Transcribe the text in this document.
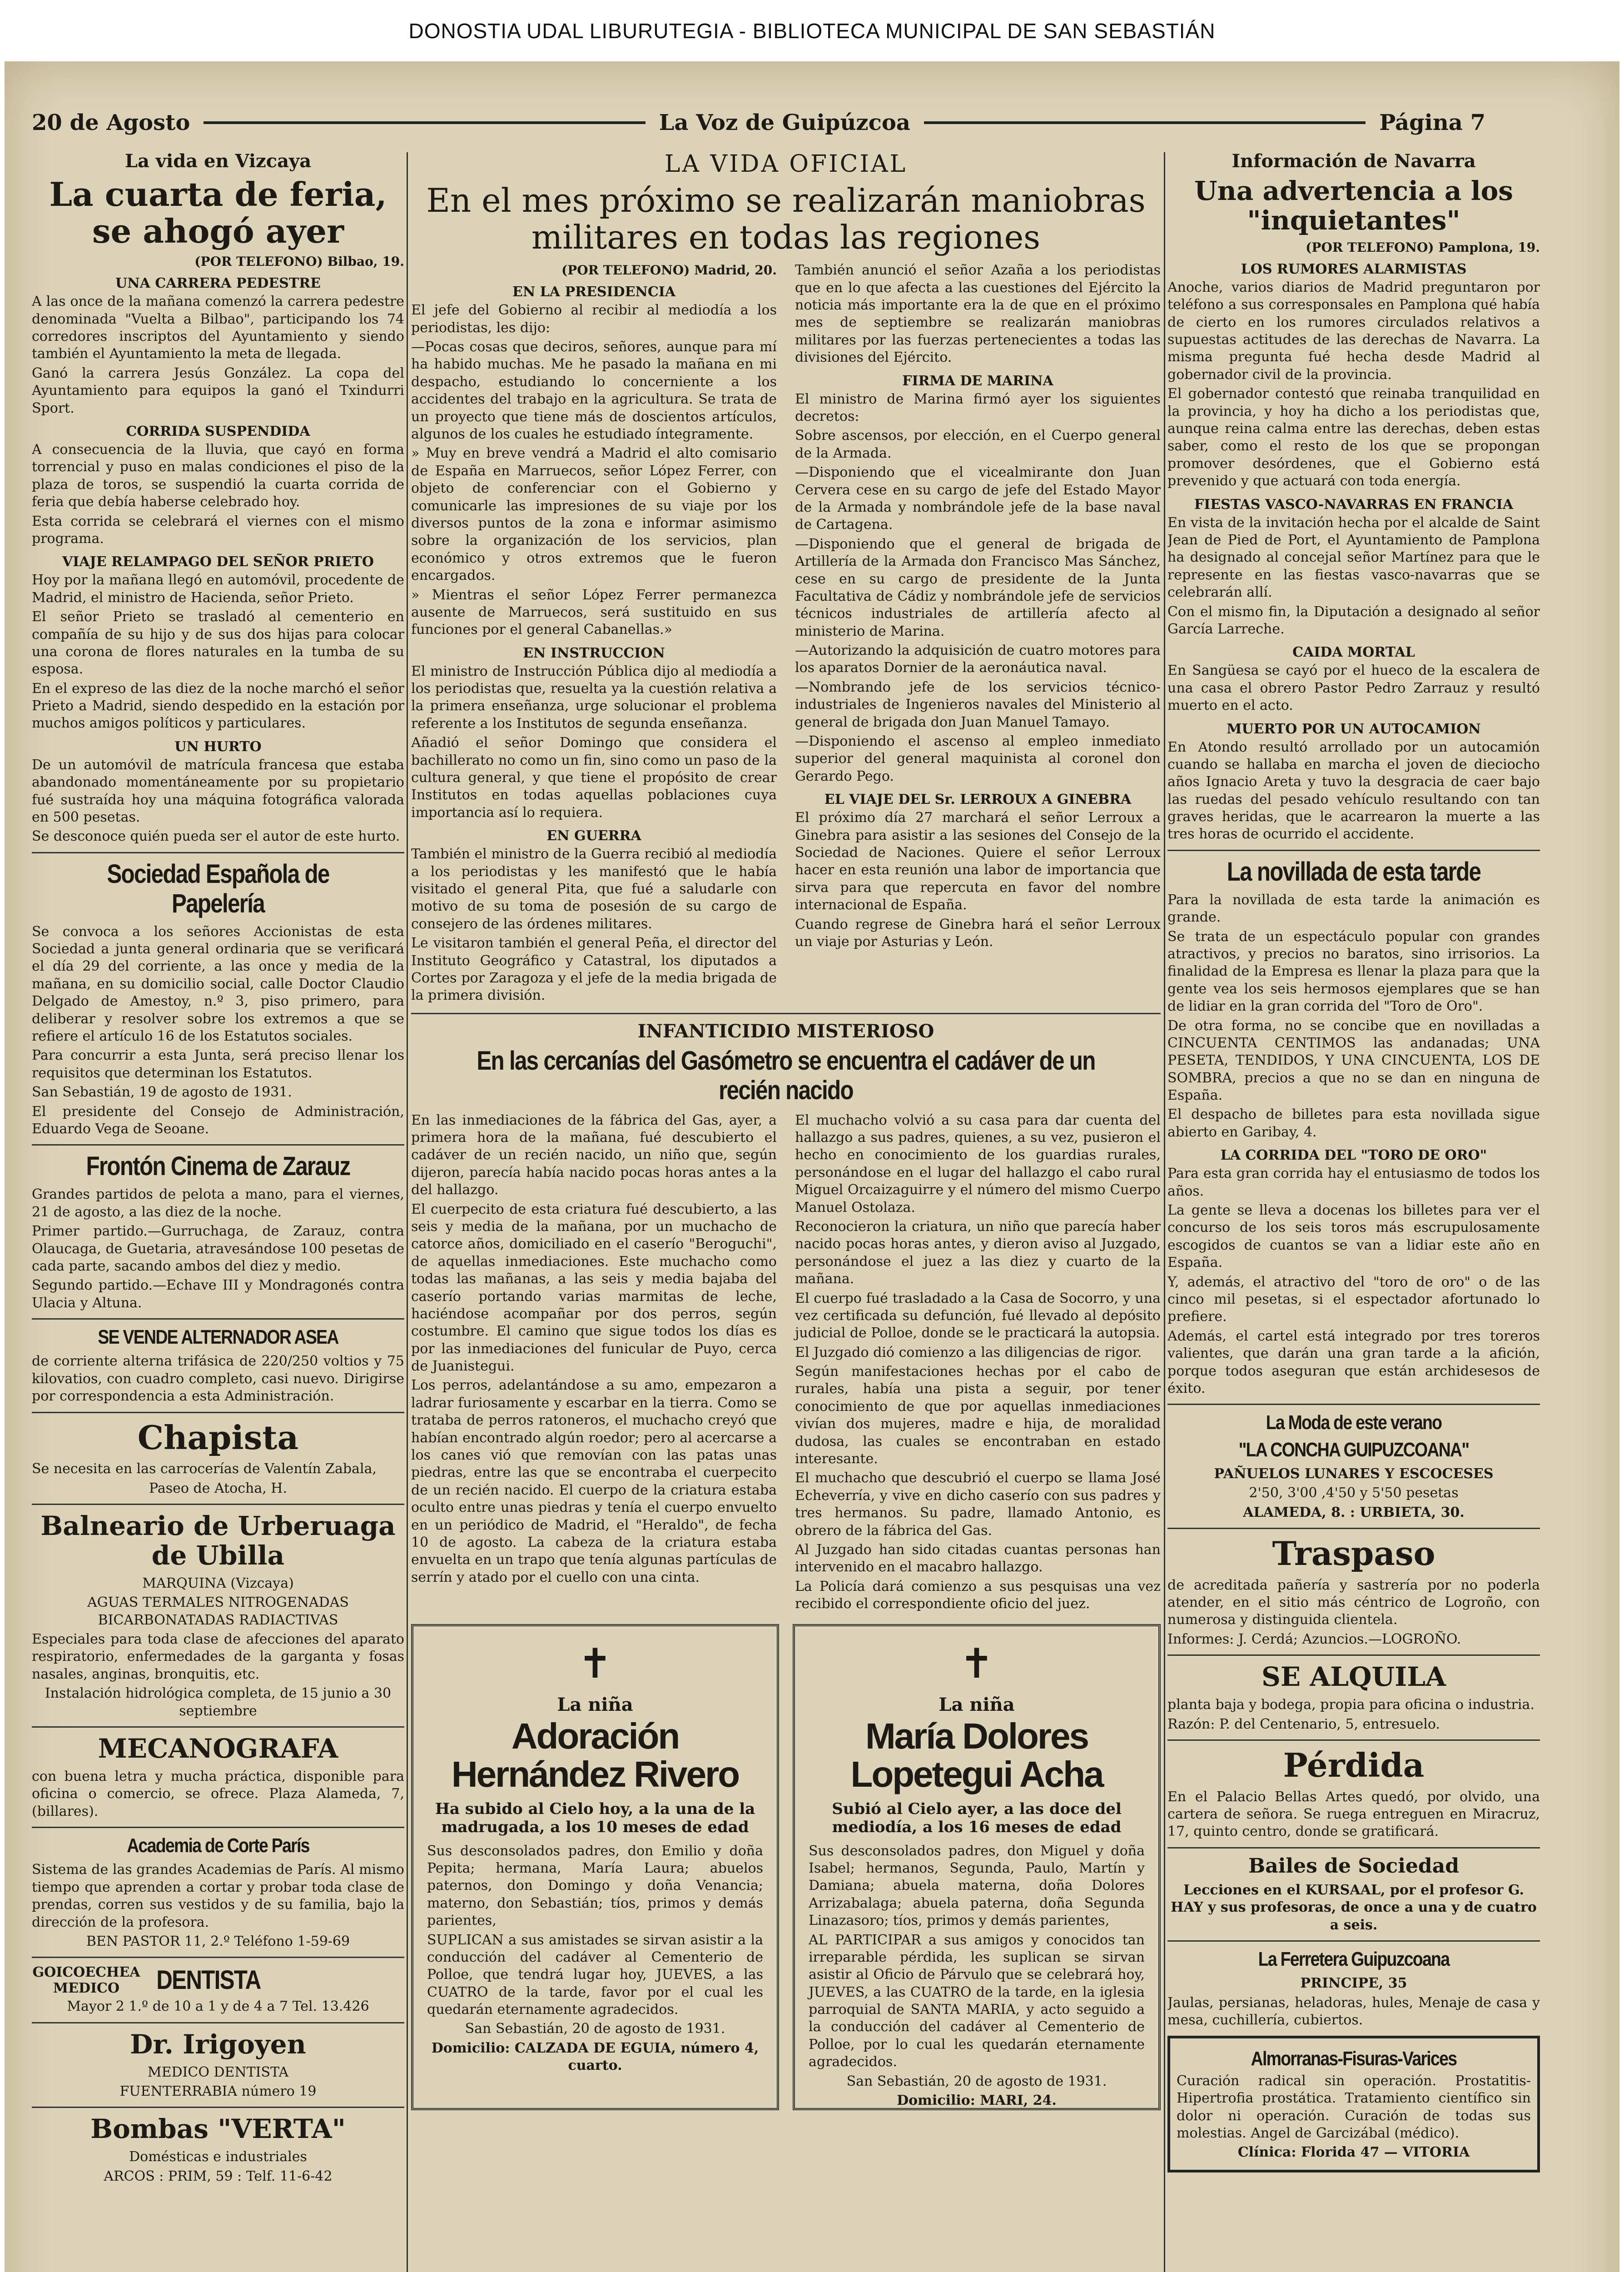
DONOSTIA UDAL LIBURUTEGIA - BIBLIOTECA MUNICIPAL DE SAN SEBASTIÁN
20 de Agosto	La Voz de Guipúzcoa	Página 7
La vida en Vizcaya
La cuarta de feria, se ahogó ayer
(POR TELEFONO) Bilbao, 19.
UNA CARRERA PEDESTRE

A las once de la mañana comenzó la carrera pedestre denominada "Vuelta a Bilbao", participando los 74 corredores inscriptos del Ayuntamiento y siendo también el Ayuntamiento la meta de llegada.

Ganó la carrera Jesús González. La copa del Ayuntamiento para equipos la ganó el Txindurri Sport.

CORRIDA SUSPENDIDA

A consecuencia de la lluvia, que cayó en forma torrencial y puso en malas condiciones el piso de la plaza de toros, se suspendió la cuarta corrida de feria que debía haberse celebrado hoy.

Esta corrida se celebrará el viernes con el mismo programa.

VIAJE RELAMPAGO DEL SEÑOR PRIETO

Hoy por la mañana llegó en automóvil, procedente de Madrid, el ministro de Hacienda, señor Prieto.

El señor Prieto se trasladó al cementerio en compañía de su hijo y de sus dos hijas para colocar una corona de flores naturales en la tumba de su esposa.

En el expreso de las diez de la noche marchó el señor Prieto a Madrid, siendo despedido en la estación por muchos amigos políticos y particulares.

UN HURTO

De un automóvil de matrícula francesa que estaba abandonado momentáneamente por su propietario fué sustraída hoy una máquina fotográfica valorada en 500 pesetas.

Se desconoce quién pueda ser el autor de este hurto.

Sociedad Española de Papelería

Se convoca a los señores Accionistas de esta Sociedad a junta general ordinaria que se verificará el día 29 del corriente, a las once y media de la mañana, en su domicilio social, calle Doctor Claudio Delgado de Amestoy, n.º 3, piso primero, para deliberar y resolver sobre los extremos a que se refiere el artículo 16 de los Estatutos sociales.

Para concurrir a esta Junta, será preciso llenar los requisitos que determinan los Estatutos.

San Sebastián, 19 de agosto de 1931.

El presidente del Consejo de Administración, Eduardo Vega de Seoane.

Frontón Cinema de Zarauz

Grandes partidos de pelota a mano, para el viernes, 21 de agosto, a las diez de la noche.

Primer partido.—Gurruchaga, de Zarauz, contra Olaucaga, de Guetaria, atravesándose 100 pesetas de cada parte, sacando ambos del diez y medio.

Segundo partido.—Echave III y Mondragonés contra Ulacia y Altuna.

SE VENDE ALTERNADOR ASEA

de corriente alterna trifásica de 220/250 voltios y 75 kilovatios, con cuadro completo, casi nuevo. Dirigirse por correspondencia a esta Administración.

Chapista

Se necesita en las carrocerías de Valentín Zabala,

Paseo de Atocha, H.

Balneario de Urberuaga de Ubilla

MARQUINA (Vizcaya)

AGUAS TERMALES NITROGENADAS BICARBONATADAS RADIACTIVAS

Especiales para toda clase de afecciones del aparato respiratorio, enfermedades de la garganta y fosas nasales, anginas, bronquitis, etc.

Instalación hidrológica completa, de 15 junio a 30 septiembre

MECANOGRAFA

con buena letra y mucha práctica, disponible para oficina o comercio, se ofrece. Plaza Alameda, 7, (billares).

Academia de Corte París

Sistema de las grandes Academias de París. Al mismo tiempo que aprenden a cortar y probar toda clase de prendas, corren sus vestidos y de su familia, bajo la dirección de la profesora.

BEN PASTOR 11, 2.º Teléfono 1-59-69

GOICOECHEA MEDICO	DENTISTA

Mayor 2 1.º de 10 a 1 y de 4 a 7 Tel. 13.426

Dr. Irigoyen

MEDICO DENTISTA

FUENTERRABIA número 19

Bombas "VERTA"

Domésticas e industriales

ARCOS : PRIM, 59 : Telf. 11-6-42

LA VIDA OFICIAL
En el mes próximo se realizarán maniobras militares en todas las regiones
(POR TELEFONO) Madrid, 20.
EN LA PRESIDENCIA

El jefe del Gobierno al recibir al mediodía a los periodistas, les dijo:

—Pocas cosas que deciros, señores, aunque para mí ha habido muchas. Me he pasado la mañana en mi despacho, estudiando lo concerniente a los accidentes del trabajo en la agricultura. Se trata de un proyecto que tiene más de doscientos artículos, algunos de los cuales he estudiado íntegramente.

» Muy en breve vendrá a Madrid el alto comisario de España en Marruecos, señor López Ferrer, con objeto de conferenciar con el Gobierno y comunicarle las impresiones de su viaje por los diversos puntos de la zona e informar asimismo sobre la organización de los servicios, plan económico y otros extremos que le fueron encargados.

» Mientras el señor López Ferrer permanezca ausente de Marruecos, será sustituido en sus funciones por el general Cabanellas.»

EN INSTRUCCION

El ministro de Instrucción Pública dijo al mediodía a los periodistas que, resuelta ya la cuestión relativa a la primera enseñanza, urge solucionar el problema referente a los Institutos de segunda enseñanza.

Añadió el señor Domingo que considera el bachillerato no como un fin, sino como un paso de la cultura general, y que tiene el propósito de crear Institutos en todas aquellas poblaciones cuya importancia así lo requiera.

EN GUERRA

También el ministro de la Guerra recibió al mediodía a los periodistas y les manifestó que le había visitado el general Pita, que fué a saludarle con motivo de su toma de posesión de su cargo de consejero de las órdenes militares.

Le visitaron también el general Peña, el director del Instituto Geográfico y Catastral, los diputados a Cortes por Zaragoza y el jefe de la media brigada de la primera división.

También anunció el señor Azaña a los periodistas que en lo que afecta a las cuestiones del Ejército la noticia más importante era la de que en el próximo mes de septiembre se realizarán maniobras militares por las fuerzas pertenecientes a todas las divisiones del Ejército.

FIRMA DE MARINA

El ministro de Marina firmó ayer los siguientes decretos:

Sobre ascensos, por elección, en el Cuerpo general de la Armada.

—Disponiendo que el vicealmirante don Juan Cervera cese en su cargo de jefe del Estado Mayor de la Armada y nombrándole jefe de la base naval de Cartagena.

—Disponiendo que el general de brigada de Artillería de la Armada don Francisco Mas Sánchez, cese en su cargo de presidente de la Junta Facultativa de Cádiz y nombrándole jefe de servicios técnicos industriales de artillería afecto al ministerio de Marina.

—Autorizando la adquisición de cuatro motores para los aparatos Dornier de la aeronáutica naval.

—Nombrando jefe de los servicios técnico-industriales de Ingenieros navales del Ministerio al general de brigada don Juan Manuel Tamayo.

—Disponiendo el ascenso al empleo inmediato superior del general maquinista al coronel don Gerardo Pego.

EL VIAJE DEL Sr. LERROUX A GINEBRA

El próximo día 27 marchará el señor Lerroux a Ginebra para asistir a las sesiones del Consejo de la Sociedad de Naciones. Quiere el señor Lerroux hacer en esta reunión una labor de importancia que sirva para que repercuta en favor del nombre internacional de España.

Cuando regrese de Ginebra hará el señor Lerroux un viaje por Asturias y León.

INFANTICIDIO MISTERIOSO
En las cercanías del Gasómetro se encuentra el cadáver de un recién nacido

En las inmediaciones de la fábrica del Gas, ayer, a primera hora de la mañana, fué descubierto el cadáver de un recién nacido, un niño que, según dijeron, parecía había nacido pocas horas antes a la del hallazgo.

El cuerpecito de esta criatura fué descubierto, a las seis y media de la mañana, por un muchacho de catorce años, domiciliado en el caserío "Beroguchi", de aquellas inmediaciones. Este muchacho como todas las mañanas, a las seis y media bajaba del caserío portando varias marmitas de leche, haciéndose acompañar por dos perros, según costumbre. El camino que sigue todos los días es por las inmediaciones del funicular de Puyo, cerca de Juanistegui.

Los perros, adelantándose a su amo, empezaron a ladrar furiosamente y escarbar en la tierra. Como se trataba de perros ratoneros, el muchacho creyó que habían encontrado algún roedor; pero al acercarse a los canes vió que removían con las patas unas piedras, entre las que se encontraba el cuerpecito de un recién nacido. El cuerpo de la criatura estaba oculto entre unas piedras y tenía el cuerpo envuelto en un periódico de Madrid, el "Heraldo", de fecha 10 de agosto. La cabeza de la criatura estaba envuelta en un trapo que tenía algunas partículas de serrín y atado por el cuello con una cinta.

El muchacho volvió a su casa para dar cuenta del hallazgo a sus padres, quienes, a su vez, pusieron el hecho en conocimiento de los guardias rurales, personándose en el lugar del hallazgo el cabo rural Miguel Orcaizaguirre y el número del mismo Cuerpo Manuel Ostolaza.

Reconocieron la criatura, un niño que parecía haber nacido pocas horas antes, y dieron aviso al Juzgado, personándose el juez a las diez y cuarto de la mañana.

El cuerpo fué trasladado a la Casa de Socorro, y una vez certificada su defunción, fué llevado al depósito judicial de Polloe, donde se le practicará la autopsia.

El Juzgado dió comienzo a las diligencias de rigor.

Según manifestaciones hechas por el cabo de rurales, había una pista a seguir, por tener conocimiento de que por aquellas inmediaciones vivían dos mujeres, madre e hija, de moralidad dudosa, las cuales se encontraban en estado interesante.

El muchacho que descubrió el cuerpo se llama José Echeverría, y vive en dicho caserío con sus padres y tres hermanos. Su padre, llamado Antonio, es obrero de la fábrica del Gas.

Al Juzgado han sido citadas cuantas personas han intervenido en el macabro hallazgo.

La Policía dará comienzo a sus pesquisas una vez recibido el correspondiente oficio del juez.

✝
La niña
Adoración Hernández Rivero
Ha subido al Cielo hoy, a la una de la madrugada, a los 10 meses de edad

Sus desconsolados padres, don Emilio y doña Pepita; hermana, María Laura; abuelos paternos, don Domingo y doña Venancia; materno, don Sebastián; tíos, primos y demás parientes,

SUPLICAN a sus amistades se sirvan asistir a la conducción del cadáver al Cementerio de Polloe, que tendrá lugar hoy, JUEVES, a las CUATRO de la tarde, favor por el cual les quedarán eternamente agradecidos.

San Sebastián, 20 de agosto de 1931.

Domicilio: CALZADA DE EGUIA, número 4, cuarto.

✝
La niña
María Dolores Lopetegui Acha
Subió al Cielo ayer, a las doce del mediodía, a los 16 meses de edad

Sus desconsolados padres, don Miguel y doña Isabel; hermanos, Segunda, Paulo, Martín y Damiana; abuela materna, doña Dolores Arrizabalaga; abuela paterna, doña Segunda Linazasoro; tíos, primos y demás parientes,

AL PARTICIPAR a sus amigos y conocidos tan irreparable pérdida, les suplican se sirvan asistir al Oficio de Párvulo que se celebrará hoy, JUEVES, a las CUATRO de la tarde, en la iglesia parroquial de SANTA MARIA, y acto seguido a la conducción del cadáver al Cementerio de Polloe, por lo cual les quedarán eternamente agradecidos.

San Sebastián, 20 de agosto de 1931.

Domicilio: MARI, 24.

Información de Navarra
Una advertencia a los "inquietantes"
(POR TELEFONO) Pamplona, 19.
LOS RUMORES ALARMISTAS

Anoche, varios diarios de Madrid preguntaron por teléfono a sus corresponsales en Pamplona qué había de cierto en los rumores circulados relativos a supuestas actitudes de las derechas de Navarra. La misma pregunta fué hecha desde Madrid al gobernador civil de la provincia.

El gobernador contestó que reinaba tranquilidad en la provincia, y hoy ha dicho a los periodistas que, aunque reina calma entre las derechas, deben estas saber, como el resto de los que se propongan promover desórdenes, que el Gobierno está prevenido y que actuará con toda energía.

FIESTAS VASCO-NAVARRAS EN FRANCIA

En vista de la invitación hecha por el alcalde de Saint Jean de Pied de Port, el Ayuntamiento de Pamplona ha designado al concejal señor Martínez para que le represente en las fiestas vasco-navarras que se celebrarán allí.

Con el mismo fin, la Diputación a designado al señor García Larreche.

CAIDA MORTAL

En Sangüesa se cayó por el hueco de la escalera de una casa el obrero Pastor Pedro Zarrauz y resultó muerto en el acto.

MUERTO POR UN AUTOCAMION

En Atondo resultó arrollado por un autocamión cuando se hallaba en marcha el joven de dieciocho años Ignacio Areta y tuvo la desgracia de caer bajo las ruedas del pesado vehículo resultando con tan graves heridas, que le acarrearon la muerte a las tres horas de ocurrido el accidente.

La novillada de esta tarde

Para la novillada de esta tarde la animación es grande.

Se trata de un espectáculo popular con grandes atractivos, y precios no baratos, sino irrisorios. La finalidad de la Empresa es llenar la plaza para que la gente vea los seis hermosos ejemplares que se han de lidiar en la gran corrida del "Toro de Oro".

De otra forma, no se concibe que en novilladas a CINCUENTA CENTIMOS las andanadas; UNA PESETA, TENDIDOS, Y UNA CINCUENTA, LOS DE SOMBRA, precios a que no se dan en ninguna de España.

El despacho de billetes para esta novillada sigue abierto en Garibay, 4.

LA CORRIDA DEL "TORO DE ORO"

Para esta gran corrida hay el entusiasmo de todos los años.

La gente se lleva a docenas los billetes para ver el concurso de los seis toros más escrupulosamente escogidos de cuantos se van a lidiar este año en España.

Y, además, el atractivo del "toro de oro" o de las cinco mil pesetas, si el espectador afortunado lo prefiere.

Además, el cartel está integrado por tres toreros valientes, que darán una gran tarde a la afición, porque todos aseguran que están archidesesos de éxito.

La Moda de este verano
"LA CONCHA GUIPUZCOANA"

PAÑUELOS LUNARES Y ESCOCESES

2'50, 3'00 ,4'50 y 5'50 pesetas

ALAMEDA, 8. : URBIETA, 30.

Traspaso

de acreditada pañería y sastrería por no poderla atender, en el sitio más céntrico de Logroño, con numerosa y distinguida clientela.

Informes: J. Cerdá; Azuncios.—LOGROÑO.

SE ALQUILA

planta baja y bodega, propia para oficina o industria.

Razón: P. del Centenario, 5, entresuelo.

Pérdida

En el Palacio Bellas Artes quedó, por olvido, una cartera de señora. Se ruega entreguen en Miracruz, 17, quinto centro, donde se gratificará.

Bailes de Sociedad

Lecciones en el KURSAAL, por el profesor G. HAY y sus profesoras, de once a una y de cuatro a seis.

La Ferretera Guipuzcoana

PRINCIPE, 35

Jaulas, persianas, heladoras, hules, Menaje de casa y mesa, cuchillería, cubiertos.

Almorranas-Fisuras-Varices

Curación radical sin operación. Prostatitis-Hipertrofia prostática. Tratamiento científico sin dolor ni operación. Curación de todas sus molestias. Angel de Garcizábal (médico).

Clínica: Florida 47 — VITORIA
